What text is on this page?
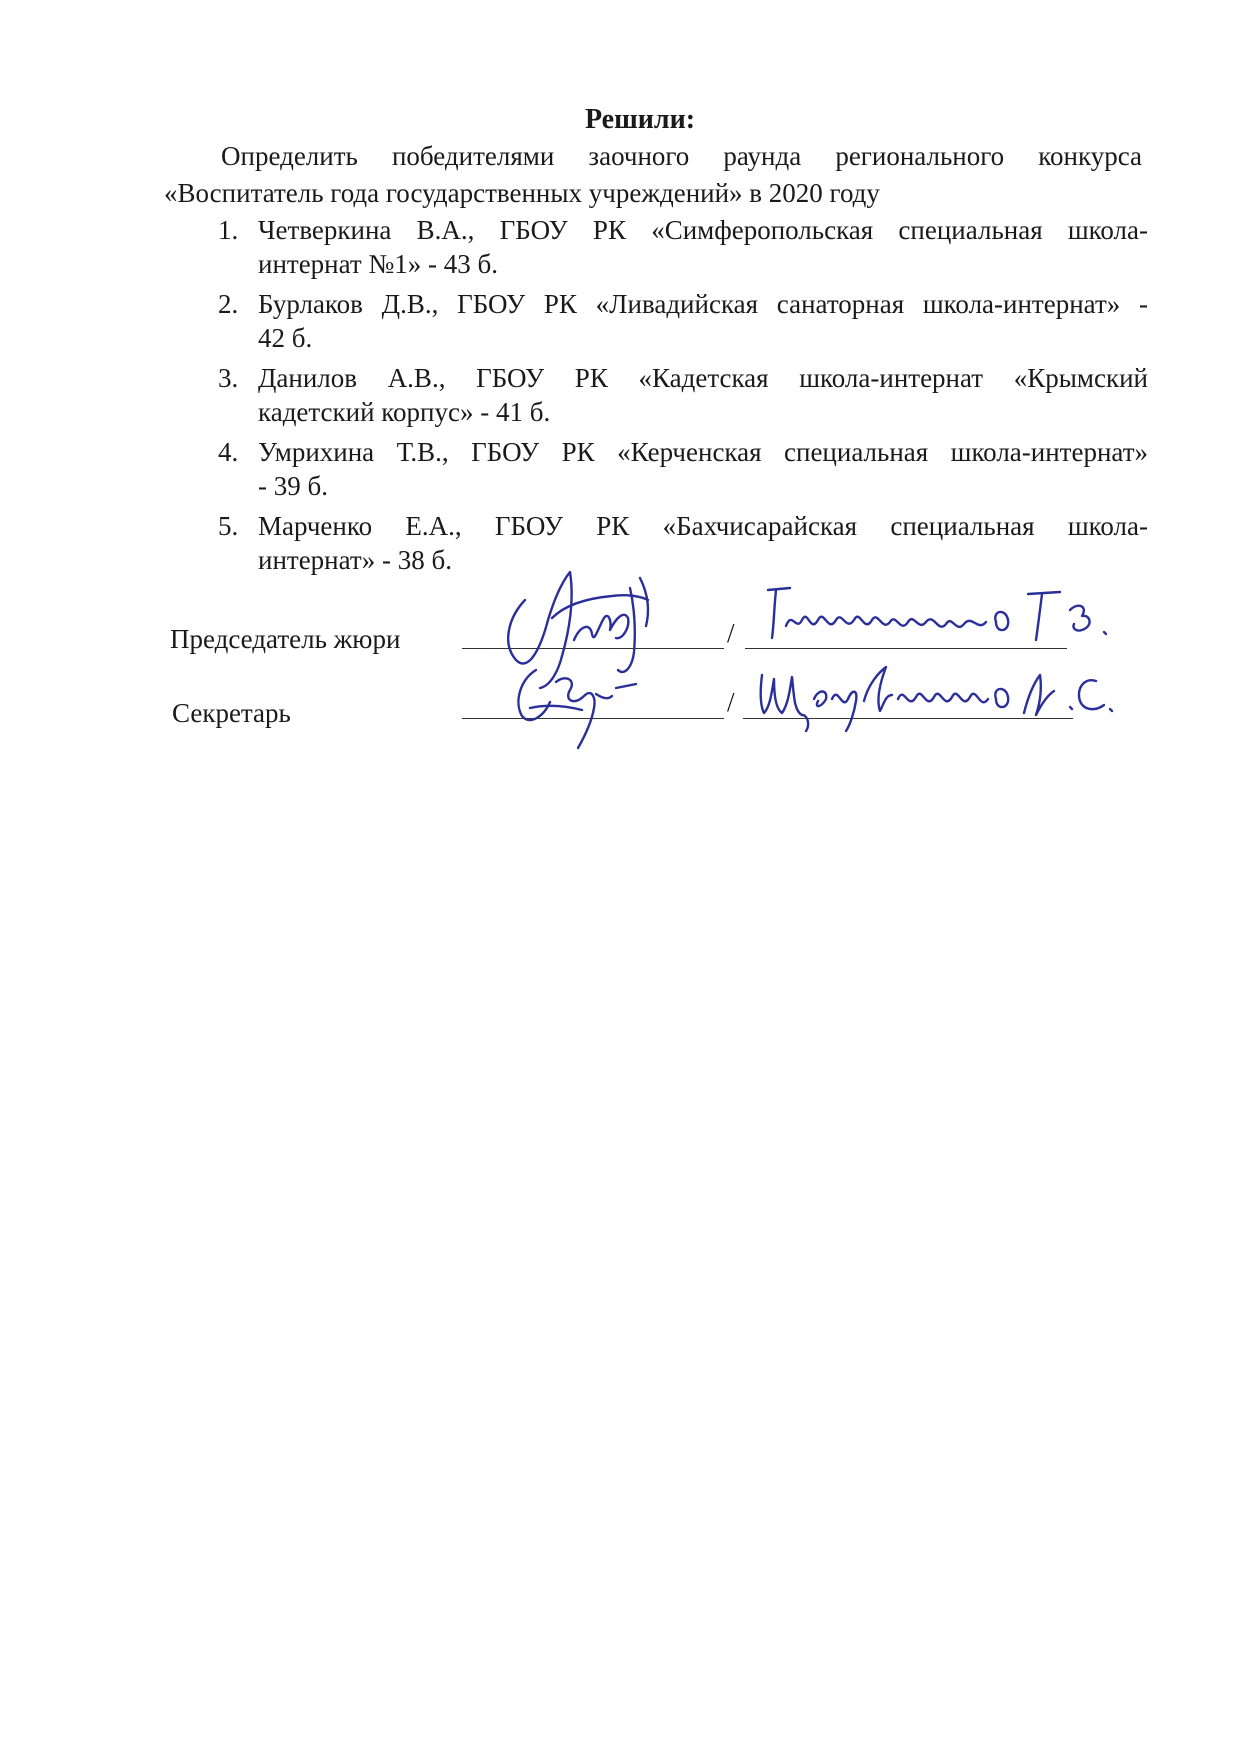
Решили:
Определить победителями заочного раунда регионального конкурса
«Воспитатель года государственных учреждений» в 2020 году
1. Четверкина В.А., ГБОУ РК «Симферопольская специальная школа-
интернат №1» - 43 б.
2. Бурлаков Д.В., ГБОУ РК «Ливадийская санаторная школа-интернат» -
42 б.
3. Данилов А.В., ГБОУ РК «Кадетская школа-интернат «Крымский
кадетский корпус» - 41 б.
4. Умрихина Т.В., ГБОУ РК «Керченская специальная школа-интернат»
- 39 б.
5. Марченко Е.А., ГБОУ РК «Бахчисарайская специальная школа-
интернат» - 38 б.
Председатель жюри	/
Секретарь	/
